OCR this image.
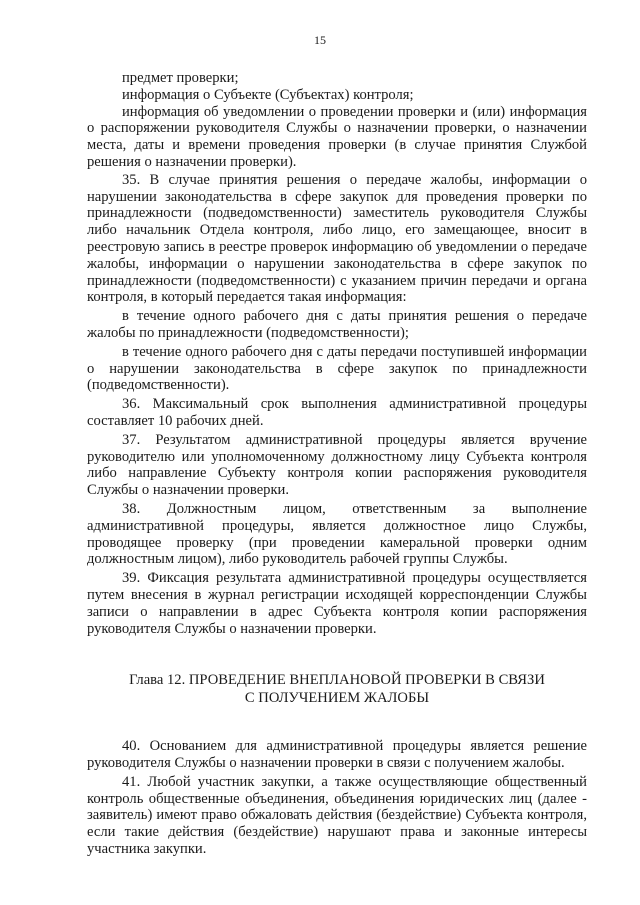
15

предмет проверки;

информация о Субъекте (Субъектах) контроля;

информация об уведомлении о проведении проверки и (или) информация о распоряжении руководителя Службы о назначении проверки, о назначении места, даты и времени проведения проверки (в случае принятия Службой решения о назначении проверки).

35. В случае принятия решения о передаче жалобы, информации о нарушении законодательства в сфере закупок для проведения проверки по принадлежности (подведомственности) заместитель руководителя Службы либо начальник Отдела контроля, либо лицо, его замещающее, вносит в реестровую запись в реестре проверок информацию об уведомлении о передаче жалобы, информации о нарушении законодательства в сфере закупок по принадлежности (подведомственности) с указанием причин передачи и органа контроля, в который передается такая информация:

в течение одного рабочего дня с даты принятия решения о передаче жалобы по принадлежности (подведомственности);

в течение одного рабочего дня с даты передачи поступившей информации о нарушении законодательства в сфере закупок по принадлежности (подведомственности).

36. Максимальный срок выполнения административной процедуры составляет 10 рабочих дней.

37. Результатом административной процедуры является вручение руководителю или уполномоченному должностному лицу Субъекта контроля либо направление Субъекту контроля копии распоряжения руководителя Службы о назначении проверки.

38. Должностным лицом, ответственным за выполнение административной процедуры, является должностное лицо Службы, проводящее проверку (при проведении камеральной проверки одним должностным лицом), либо руководитель рабочей группы Службы.

39. Фиксация результата административной процедуры осуществляется путем внесения в журнал регистрации исходящей корреспонденции Службы записи о направлении в адрес Субъекта контроля копии распоряжения руководителя Службы о назначении проверки.

Глава 12. ПРОВЕДЕНИЕ ВНЕПЛАНОВОЙ ПРОВЕРКИ В СВЯЗИ
С ПОЛУЧЕНИЕМ ЖАЛОБЫ

40. Основанием для административной процедуры является решение руководителя Службы о назначении проверки в связи с получением жалобы.

41. Любой участник закупки, а также осуществляющие общественный контроль общественные объединения, объединения юридических лиц (далее - заявитель) имеют право обжаловать действия (бездействие) Субъекта контроля, если такие действия (бездействие) нарушают права и законные интересы участника закупки.
